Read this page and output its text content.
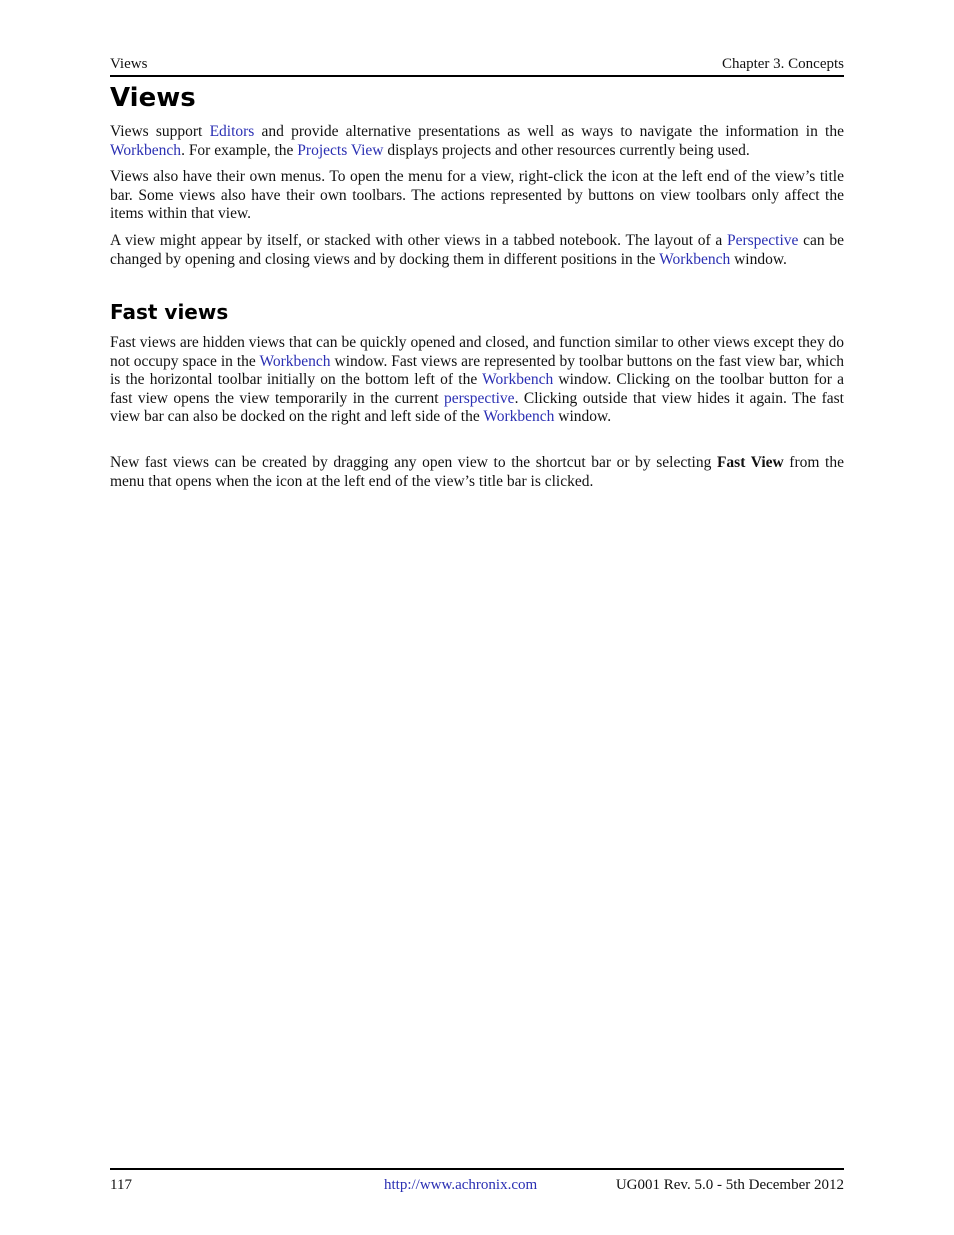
Views	Chapter 3. Concepts
Views

Views support Editors and provide alternative presentations as well as ways to navigate the information in the Workbench. For example, the Projects View displays projects and other resources currently being used.

Views also have their own menus. To open the menu for a view, right-click the icon at the left end of the view’s title bar. Some views also have their own toolbars. The actions represented by buttons on view toolbars only affect the items within that view.

A view might appear by itself, or stacked with other views in a tabbed notebook. The layout of a Perspective can be changed by opening and closing views and by docking them in different positions in the Workbench window.

Fast views

Fast views are hidden views that can be quickly opened and closed, and function similar to other views except they do not occupy space in the Workbench window. Fast views are represented by toolbar buttons on the fast view bar, which is the horizontal toolbar initially on the bottom left of the Workbench window. Clicking on the toolbar button for a fast view opens the view temporarily in the current perspective. Clicking outside that view hides it again. The fast view bar can also be docked on the right and left side of the Workbench window.

New fast views can be created by dragging any open view to the shortcut bar or by selecting Fast View from the menu that opens when the icon at the left end of the view’s title bar is clicked.

117	http://www.achronix.com	UG001 Rev. 5.0 - 5th December 2012
